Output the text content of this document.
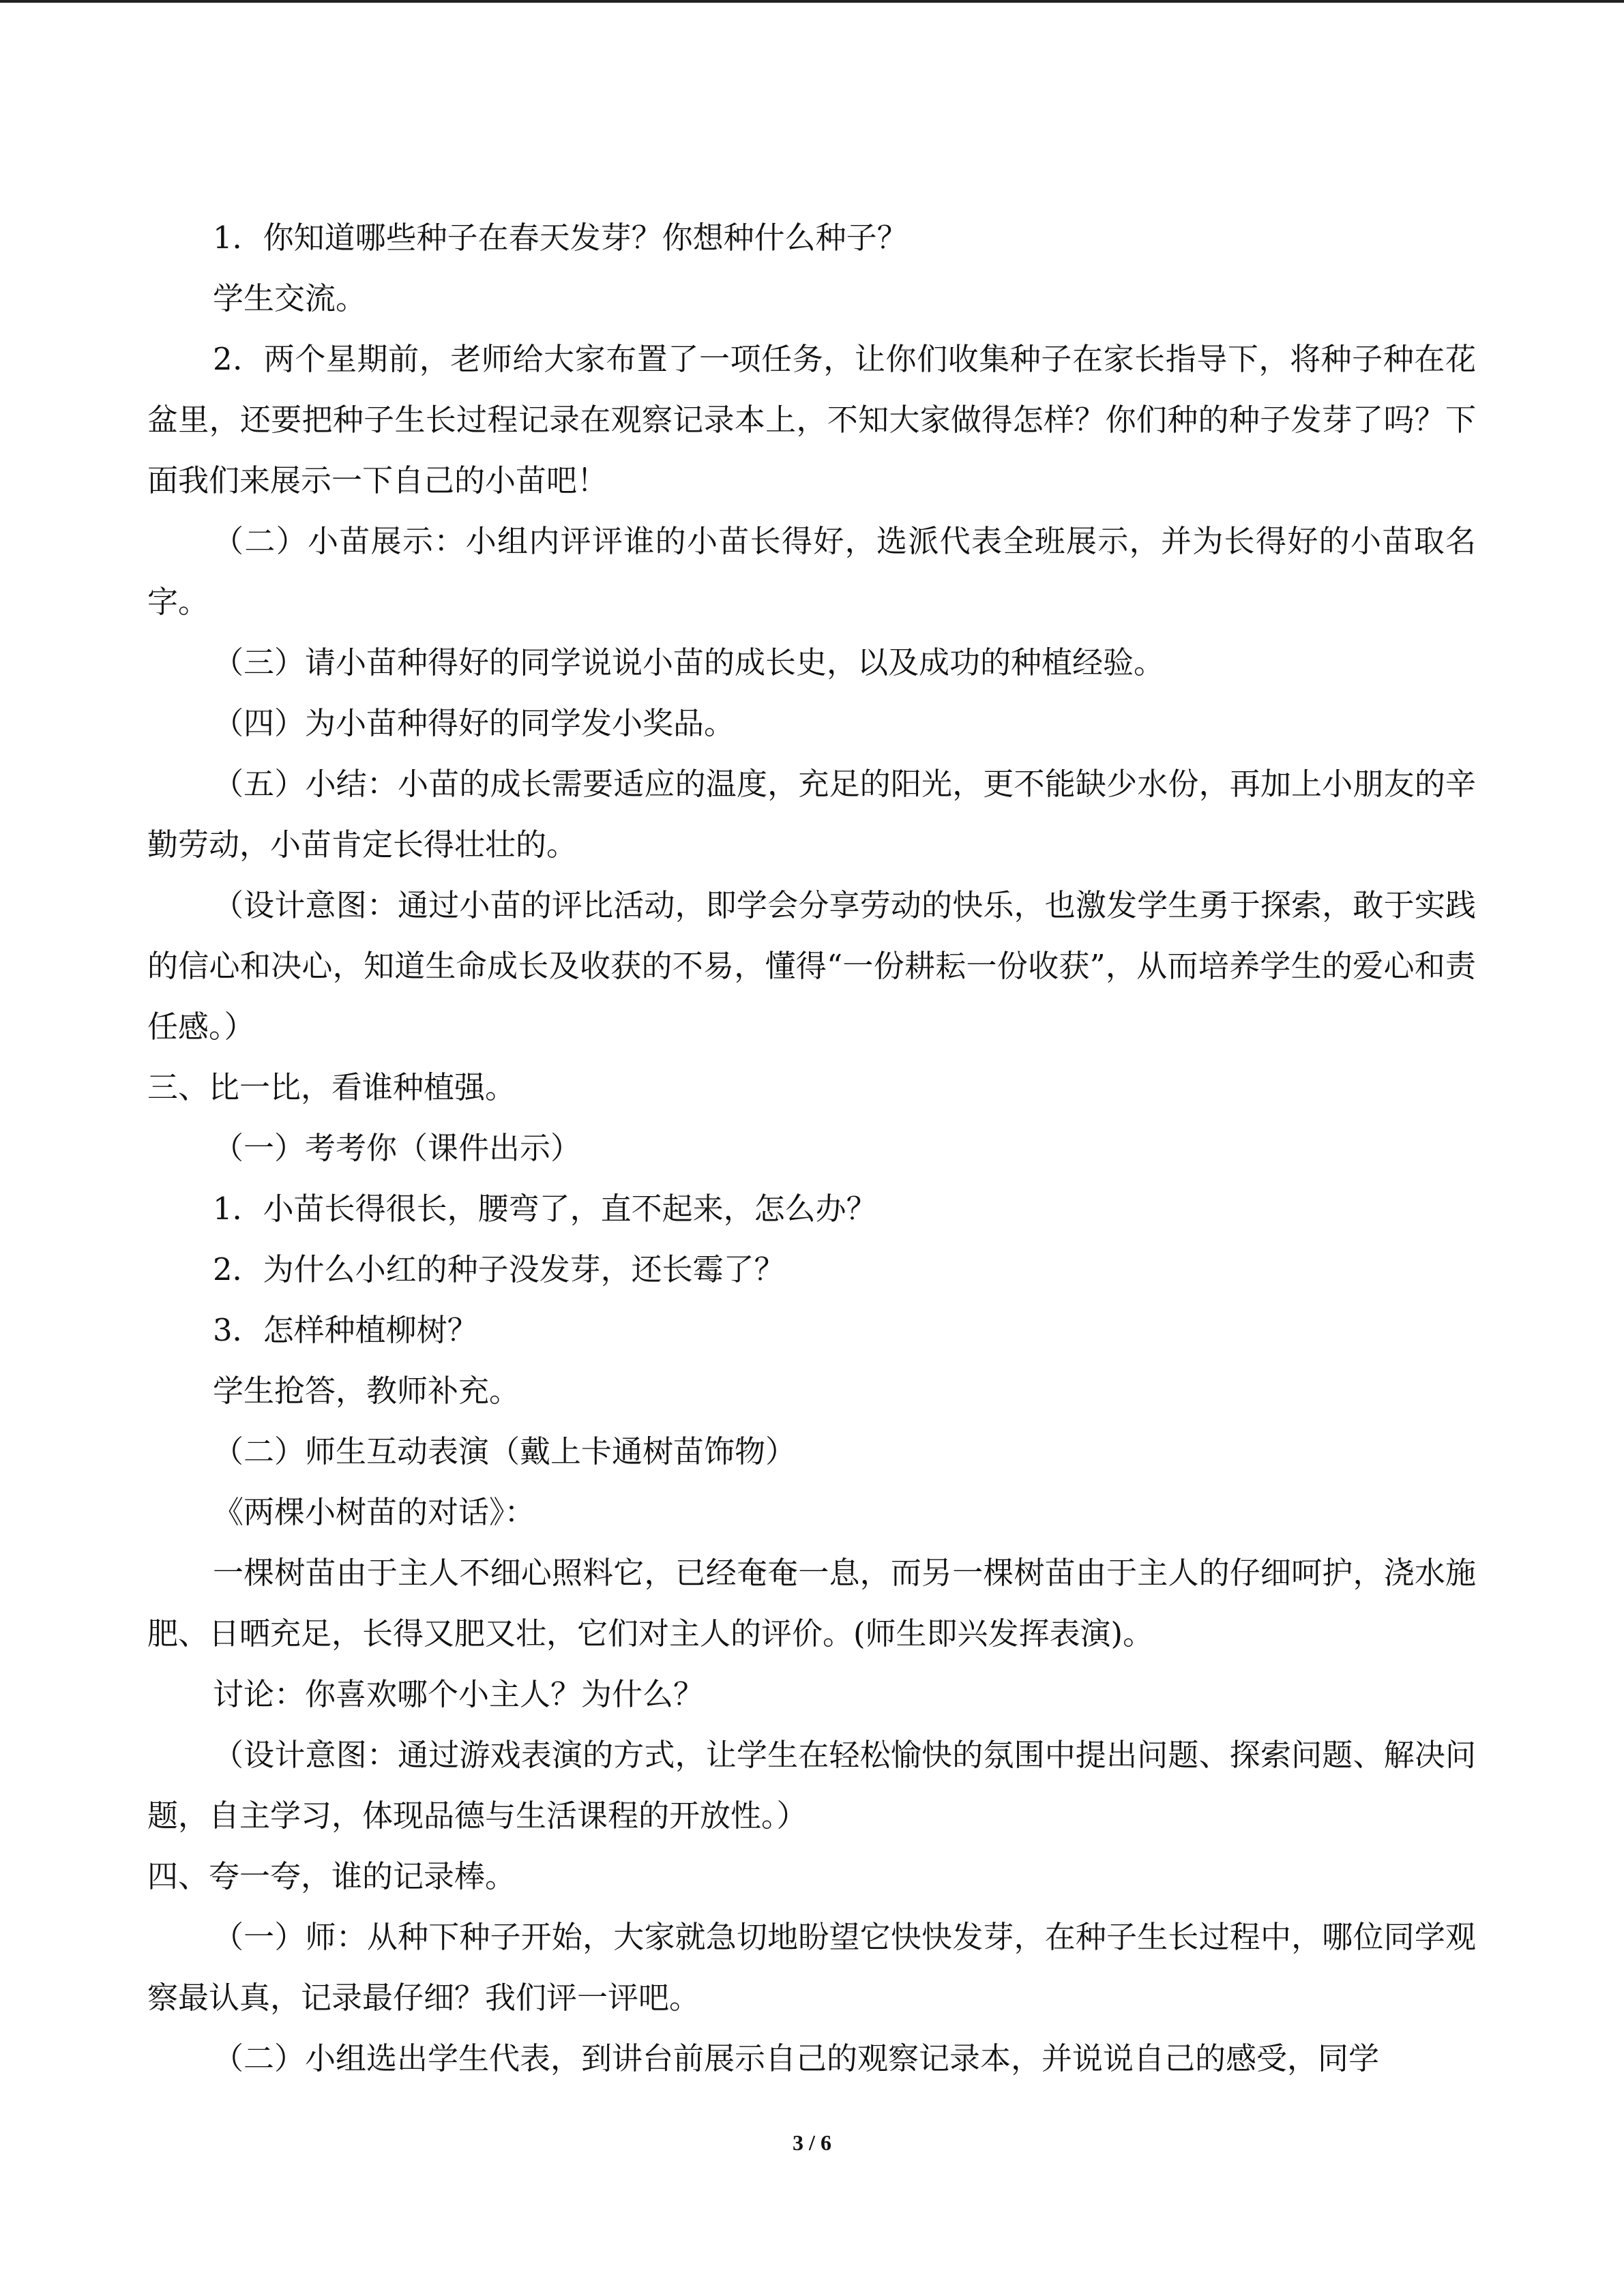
1．你知道哪些种子在春天发芽？你想种什么种子？

学生交流。

2．两个星期前，老师给大家布置了一项任务，让你们收集种子在家长指导下，将种子种在花盆里，还要把种子生长过程记录在观察记录本上，不知大家做得怎样？你们种的种子发芽了吗？下面我们来展示一下自己的小苗吧！

（二）小苗展示：小组内评评谁的小苗长得好，选派代表全班展示，并为长得好的小苗取名字。

（三）请小苗种得好的同学说说小苗的成长史，以及成功的种植经验。

（四）为小苗种得好的同学发小奖品。

（五）小结：小苗的成长需要适应的温度，充足的阳光，更不能缺少水份，再加上小朋友的辛勤劳动，小苗肯定长得壮壮的。

（设计意图：通过小苗的评比活动，即学会分享劳动的快乐，也激发学生勇于探索，敢于实践的信心和决心，知道生命成长及收获的不易，懂得“一份耕耘一份收获”，从而培养学生的爱心和责任感。）

三、比一比，看谁种植强。

（一）考考你（课件出示）

1．小苗长得很长，腰弯了，直不起来，怎么办？

2．为什么小红的种子没发芽，还长霉了？

3．怎样种植柳树？

学生抢答，教师补充。

（二）师生互动表演（戴上卡通树苗饰物）

《两棵小树苗的对话》：

一棵树苗由于主人不细心照料它，已经奄奄一息，而另一棵树苗由于主人的仔细呵护，浇水施肥、日晒充足，长得又肥又壮，它们对主人的评价。(师生即兴发挥表演)。

讨论：你喜欢哪个小主人？为什么？

（设计意图：通过游戏表演的方式，让学生在轻松愉快的氛围中提出问题、探索问题、解决问题，自主学习，体现品德与生活课程的开放性。）

四、夸一夸，谁的记录棒。

（一）师：从种下种子开始，大家就急切地盼望它快快发芽，在种子生长过程中，哪位同学观察最认真，记录最仔细？我们评一评吧。

（二）小组选出学生代表，到讲台前展示自己的观察记录本，并说说自己的感受，同学

3 / 6
